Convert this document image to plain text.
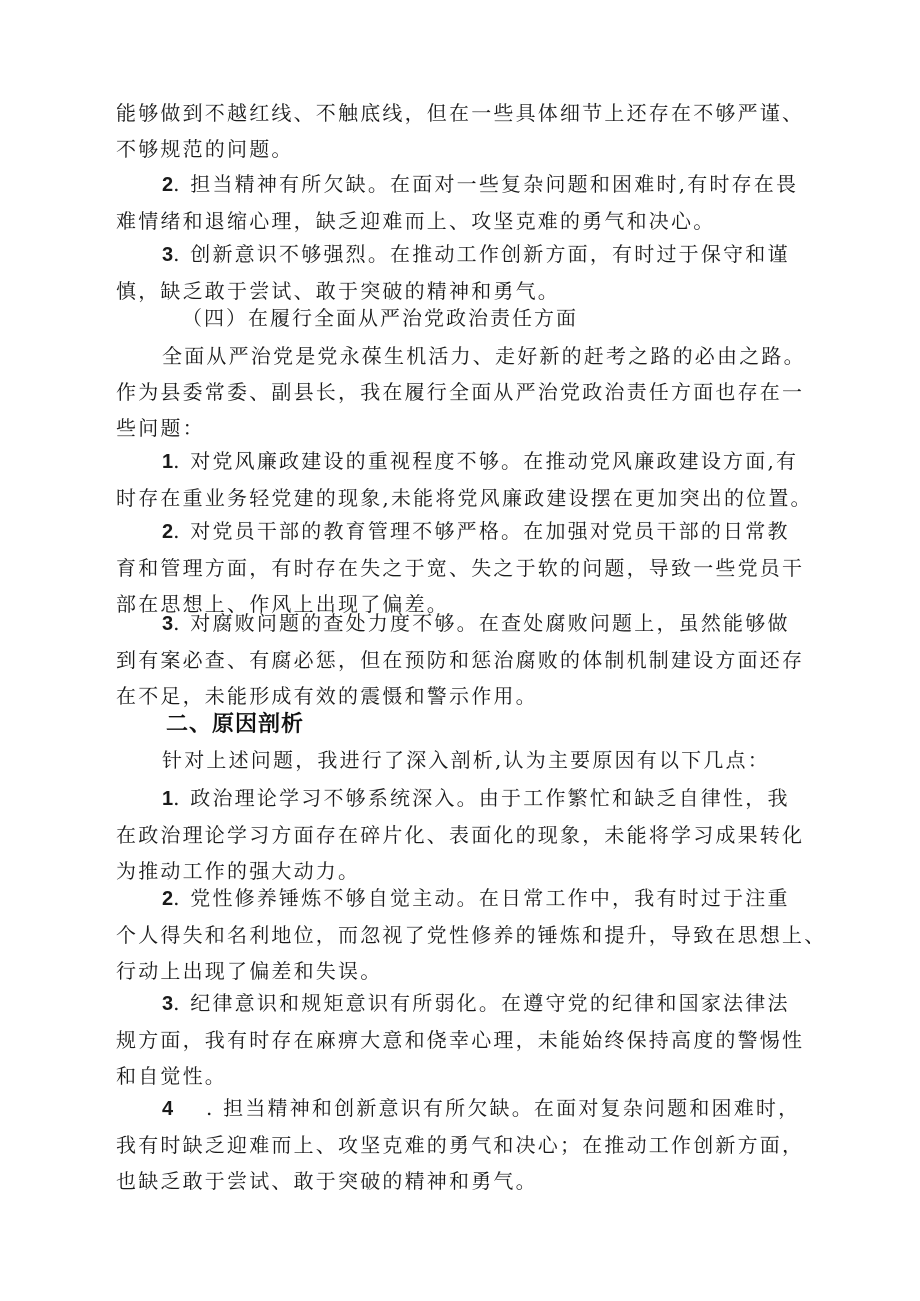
能够做到不越红线、不触底线，但在一些具体细节上还存在不够严谨、
不够规范的问题。
2. 担当精神有所欠缺。在面对一些复杂问题和困难时,有时存在畏
难情绪和退缩心理，缺乏迎难而上、攻坚克难的勇气和决心。
3. 创新意识不够强烈。在推动工作创新方面，有时过于保守和谨
慎，缺乏敢于尝试、敢于突破的精神和勇气。
（四）在履行全面从严治党政治责任方面
全面从严治党是党永葆生机活力、走好新的赶考之路的必由之路。
作为县委常委、副县长，我在履行全面从严治党政治责任方面也存在一
些问题：
1. 对党风廉政建设的重视程度不够。在推动党风廉政建设方面,有
时存在重业务轻党建的现象,未能将党风廉政建设摆在更加突出的位置。
2. 对党员干部的教育管理不够严格。在加强对党员干部的日常教
育和管理方面，有时存在失之于宽、失之于软的问题，导致一些党员干
部在思想上、作风上出现了偏差。
3. 对腐败问题的查处力度不够。在查处腐败问题上，虽然能够做
到有案必查、有腐必惩，但在预防和惩治腐败的体制机制建设方面还存
在不足，未能形成有效的震慑和警示作用。
二、原因剖析
针对上述问题，我进行了深入剖析,认为主要原因有以下几点：
1. 政治理论学习不够系统深入。由于工作繁忙和缺乏自律性，我
在政治理论学习方面存在碎片化、表面化的现象，未能将学习成果转化
为推动工作的强大动力。
2. 党性修养锤炼不够自觉主动。在日常工作中，我有时过于注重
个人得失和名利地位，而忽视了党性修养的锤炼和提升，导致在思想上、
行动上出现了偏差和失误。
3. 纪律意识和规矩意识有所弱化。在遵守党的纪律和国家法律法
规方面，我有时存在麻痹大意和侥幸心理，未能始终保持高度的警惕性
和自觉性。
4 . 担当精神和创新意识有所欠缺。在面对复杂问题和困难时，
我有时缺乏迎难而上、攻坚克难的勇气和决心；在推动工作创新方面，
也缺乏敢于尝试、敢于突破的精神和勇气。
